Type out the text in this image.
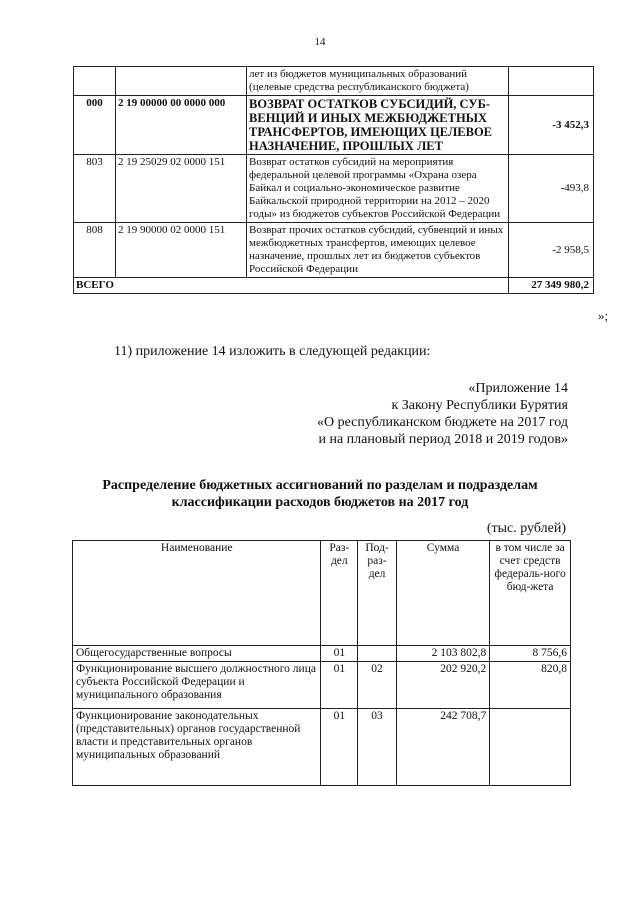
14
		лет из бюджетов муниципальных образований (целевые средства республиканского бюджета)	
000	2 19 00000 00 0000 000	ВОЗВРАТ ОСТАТКОВ СУБСИДИЙ, СУБ-ВЕНЦИЙ И ИНЫХ МЕЖБЮДЖЕТНЫХ ТРАНСФЕРТОВ, ИМЕЮЩИХ ЦЕЛЕВОЕ НАЗНАЧЕНИЕ, ПРОШЛЫХ ЛЕТ	-3 452,3
803	2 19 25029 02 0000 151	Возврат остатков субсидий на мероприятия федеральной целевой программы «Охрана озера Байкал и социально-экономическое развитие Байкальской природной территории на 2012 – 2020 годы» из бюджетов субъектов Российской Федерации	-493,8
808	2 19 90000 02 0000 151	Возврат прочих остатков субсидий, субвенций и иных межбюджетных трансфертов, имеющих целевое назначение, прошлых лет из бюджетов субъектов Российской Федерации	-2 958,5
ВСЕГО			27 349 980,2
»;
11) приложение 14 изложить в следующей редакции:
«Приложение 14
к Закону Республики Бурятия
«О республиканском бюджете на 2017 год
и на плановый период 2018 и 2019 годов»
Распределение бюджетных ассигнований по разделам и подразделам
классификации расходов бюджетов на 2017 год
(тыс. рублей)
Наименование	Раз-дел	Под-раз-дел	Сумма	в том числе за счет средств федераль-ного бюд-жета
Общегосударственные вопросы	01		2 103 802,8	8 756,6
Функционирование высшего должностного лица субъекта Российской Федерации и муниципального образования	01	02	202 920,2	820,8
Функционирование законодательных (представительных) органов государственной власти и представительных органов муниципальных образований	01	03	242 708,7	
